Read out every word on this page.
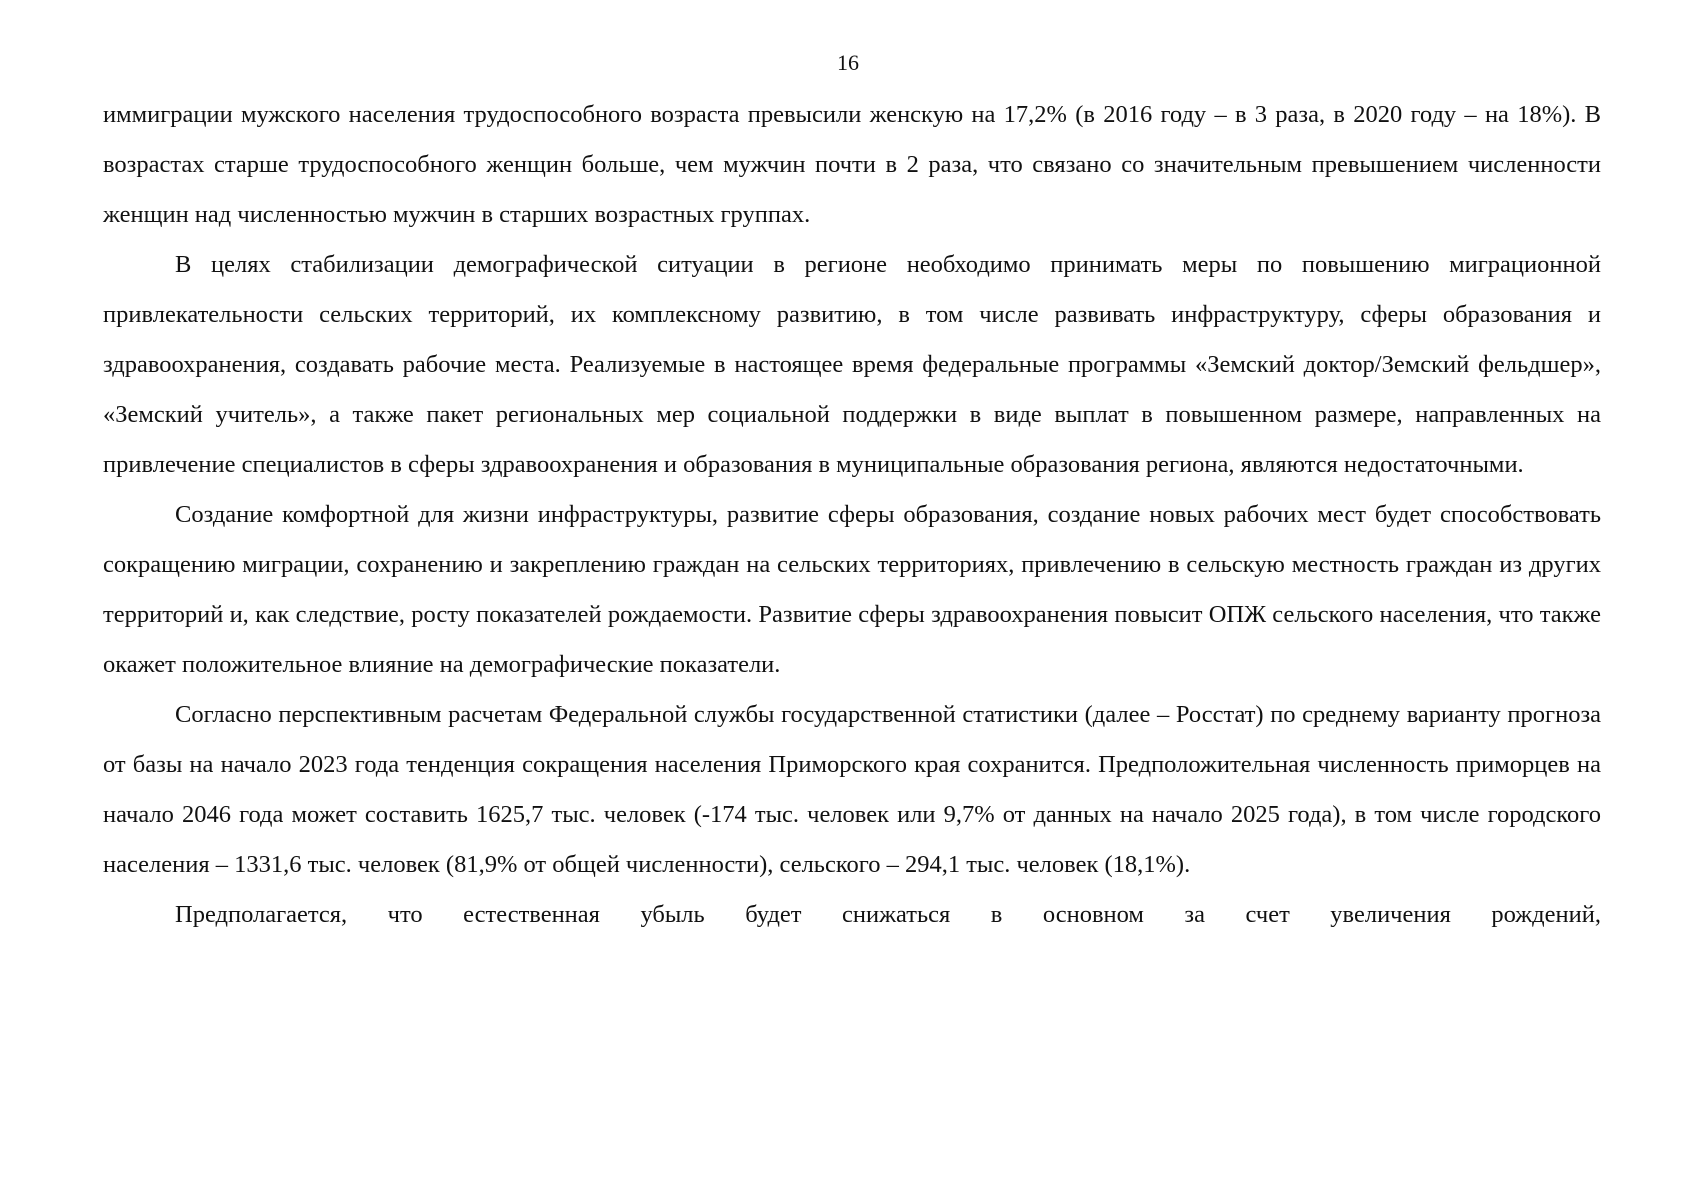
16

иммиграции мужского населения трудоспособного возраста превысили женскую на 17,2% (в 2016 году – в 3 раза, в 2020 году – на 18%). В возрастах старше трудоспособного женщин больше, чем мужчин почти в 2 раза, что связано со значительным превышением численности женщин над численностью мужчин в старших возрастных группах.

В целях стабилизации демографической ситуации в регионе необходимо принимать меры по повышению миграционной привлекательности сельских территорий, их комплексному развитию, в том числе развивать инфраструктуру, сферы образования и здравоохранения, создавать рабочие места. Реализуемые в настоящее время федеральные программы «Земский доктор/Земский фельдшер», «Земский учитель», а также пакет региональных мер социальной поддержки в виде выплат в повышенном размере, направленных на привлечение специалистов в сферы здравоохранения и образования в муниципальные образования региона, являются недостаточными.

Создание комфортной для жизни инфраструктуры, развитие сферы образования, создание новых рабочих мест будет способствовать сокращению миграции, сохранению и закреплению граждан на сельских территориях, привлечению в сельскую местность граждан из других территорий и, как следствие, росту показателей рождаемости. Развитие сферы здравоохранения повысит ОПЖ сельского населения, что также окажет положительное влияние на демографические показатели.

Согласно перспективным расчетам Федеральной службы государственной статистики (далее – Росстат) по среднему варианту прогноза от базы на начало 2023 года тенденция сокращения населения Приморского края сохранится. Предположительная численность приморцев на начало 2046 года может составить 1625,7 тыс. человек (-174 тыс. человек или 9,7% от данных на начало 2025 года), в том числе городского населения – 1331,6 тыс. человек (81,9% от общей численности), сельского – 294,1 тыс. человек (18,1%).

Предполагается, что естественная убыль будет снижаться в основном за счет увеличения рождений,
